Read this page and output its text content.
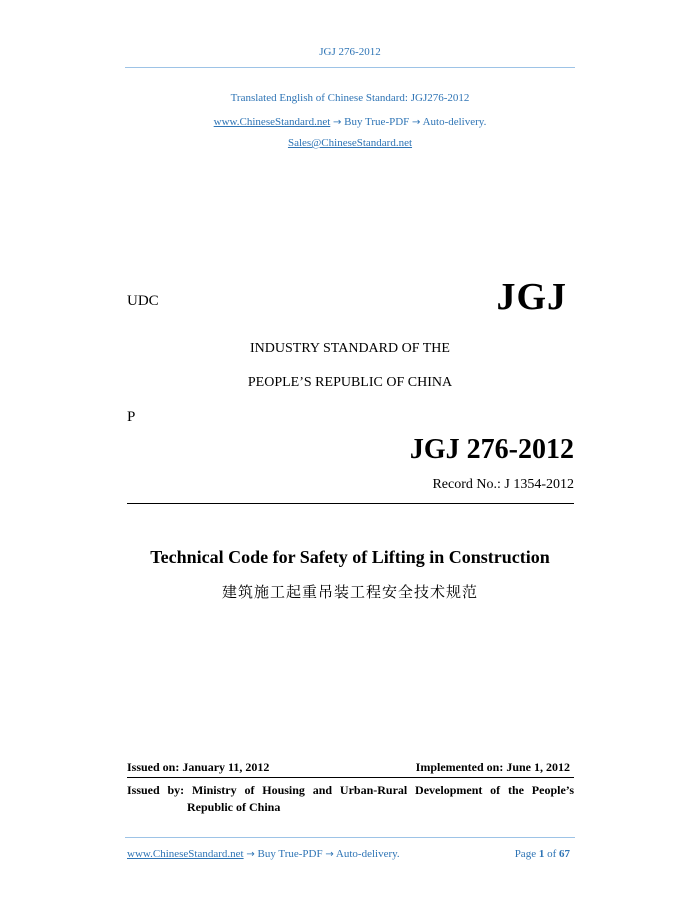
JGJ 276-2012
Translated English of Chinese Standard: JGJ276-2012
www.ChineseStandard.net → Buy True-PDF → Auto-delivery.
Sales@ChineseStandard.net
UDC	JGJ
INDUSTRY STANDARD OF THE
PEOPLE’S REPUBLIC OF CHINA
P
JGJ 276-2012
Record No.: J 1354-2012
Technical Code for Safety of Lifting in Construction
建筑施工起重吊装工程安全技术规范
Issued on: January 11, 2012	Implemented on: June 1, 2012
Issued by: Ministry of Housing and Urban-Rural Development of the People’s
Republic of China
www.ChineseStandard.net → Buy True-PDF → Auto-delivery.	Page 1 of 67
